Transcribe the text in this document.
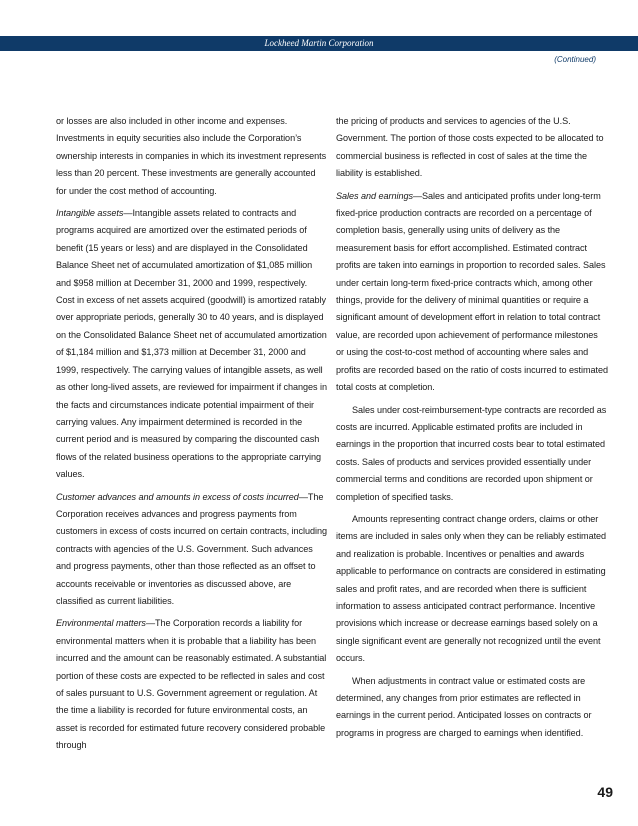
Lockheed Martin Corporation
(Continued)

or losses are also included in other income and expenses. Investments in equity securities also include the Corporation’s ownership interests in companies in which its investment represents less than 20 percent. These investments are generally accounted for under the cost method of accounting.

Intangible assets—Intangible assets related to contracts and programs acquired are amortized over the estimated periods of benefit (15 years or less) and are displayed in the Consolidated Balance Sheet net of accumulated amortization of $1,085 million and $958 million at December 31, 2000 and 1999, respectively. Cost in excess of net assets acquired (goodwill) is amortized ratably over appropriate periods, generally 30 to 40 years, and is displayed on the Consolidated Balance Sheet net of accumulated amortization of $1,184 million and $1,373 million at December 31, 2000 and 1999, respectively. The carrying values of intangible assets, as well as other long-lived assets, are reviewed for impairment if changes in the facts and circumstances indicate potential impairment of their carrying values. Any impairment determined is recorded in the current period and is measured by comparing the discounted cash flows of the related business operations to the appropriate carrying values.

Customer advances and amounts in excess of costs incurred—The Corporation receives advances and progress payments from customers in excess of costs incurred on certain contracts, including contracts with agencies of the U.S. Government. Such advances and progress payments, other than those reflected as an offset to accounts receivable or inventories as discussed above, are classified as current liabilities.

Environmental matters—The Corporation records a liability for environmental matters when it is probable that a liability has been incurred and the amount can be reasonably estimated. A substantial portion of these costs are expected to be reflected in sales and cost of sales pursuant to U.S. Government agreement or regulation. At the time a liability is recorded for future environmental costs, an asset is recorded for estimated future recovery considered probable through

the pricing of products and services to agencies of the U.S. Government. The portion of those costs expected to be allocated to commercial business is reflected in cost of sales at the time the liability is established.

Sales and earnings—Sales and anticipated profits under long-term fixed-price production contracts are recorded on a percentage of completion basis, generally using units of delivery as the measurement basis for effort accomplished. Estimated contract profits are taken into earnings in proportion to recorded sales. Sales under certain long-term fixed-price contracts which, among other things, provide for the delivery of minimal quantities or require a significant amount of development effort in relation to total contract value, are recorded upon achievement of performance milestones or using the cost-to-cost method of accounting where sales and profits are recorded based on the ratio of costs incurred to estimated total costs at completion.

Sales under cost-reimbursement-type contracts are recorded as costs are incurred. Applicable estimated profits are included in earnings in the proportion that incurred costs bear to total estimated costs. Sales of products and services provided essentially under commercial terms and conditions are recorded upon shipment or completion of specified tasks.

Amounts representing contract change orders, claims or other items are included in sales only when they can be reliably estimated and realization is probable. Incentives or penalties and awards applicable to performance on contracts are considered in estimating sales and profit rates, and are recorded when there is sufficient information to assess anticipated contract performance. Incentive provisions which increase or decrease earnings based solely on a single significant event are generally not recognized until the event occurs.

When adjustments in contract value or estimated costs are determined, any changes from prior estimates are reflected in earnings in the current period. Anticipated losses on contracts or programs in progress are charged to earnings when identified.

49
